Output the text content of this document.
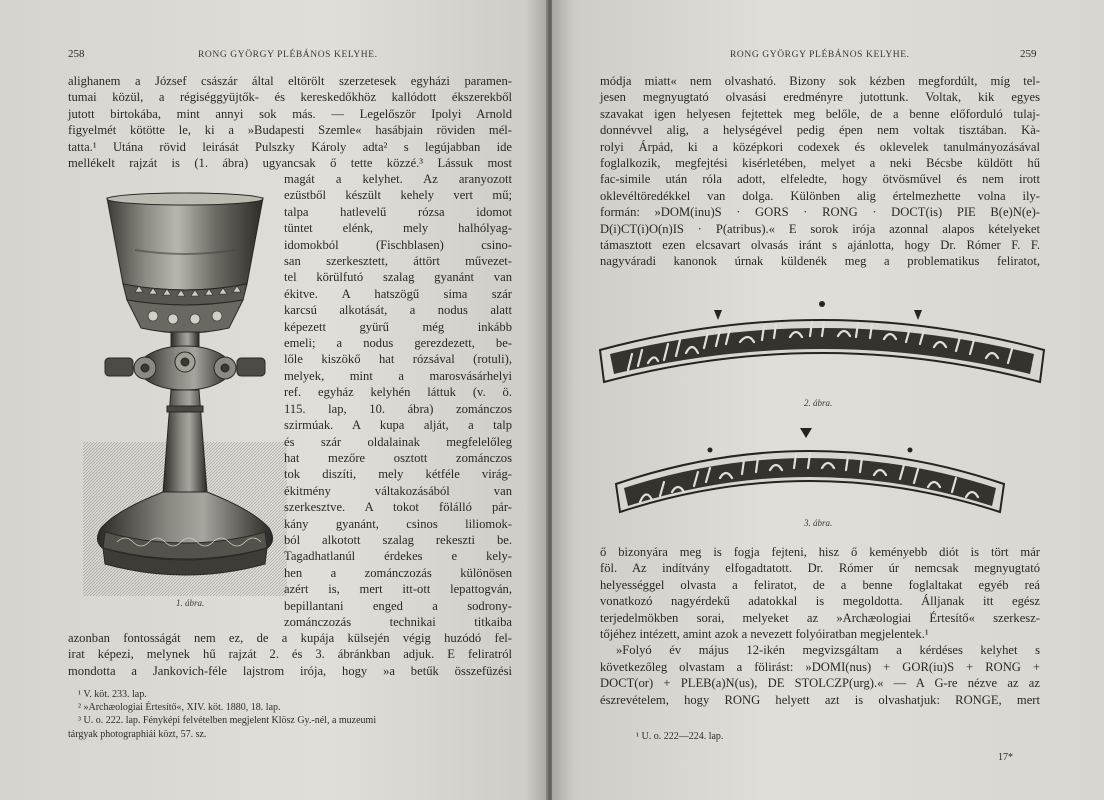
258	RONG GYÖRGY PLÉBÁNOS KELYHE.
alighanem a József császár által eltörölt szerzetesek egyházi paramen-
tumai közül, a régiséggyüjtők- és kereskedőkhöz kallódott ékszerekből
jutott birtokába, mint annyi sok más. — Legelőször Ipolyi Arnold
figyelmét kötötte le, ki a »Budapesti Szemle« hasábjain röviden mél-
tatta.¹ Utána rövid leirását Pulszky Károly adta² s legújabban ide
mellékelt rajzát is (1. ábra) ugyancsak ő tette közzé.³ Lássuk most
1. ábra.
magát a kelyhet. Az aranyozott
ezüstből készült kehely vert mű;
talpa hatlevelű rózsa idomot
tüntet elénk, mely halhólyag-
idomokból (Fischblasen) csino-
san szerkesztett, áttört művezet-
tel körülfutó szalag gyanánt van
ékitve. A hatszögű sima szár
karcsú alkotását, a nodus alatt
képezett gyürű még inkább
emeli; a nodus gerezdezett, be-
lőle kiszökő hat rózsával (rotuli),
melyek, mint a marosvásárhelyi
ref. egyház kelyhén láttuk (v. ö.
115. lap, 10. ábra) zománczos
szirmúak. A kupa alját, a talp
és szár oldalainak megfelelőleg
hat mezőre osztott zománczos
tok diszíti, mely kétféle virág-
ékitmény váltakozásából van
szerkesztve. A tokot fölálló pár-
kány gyanánt, csinos liliomok-
ból alkotott szalag rekeszti be.
Tagadhatlanúl érdekes e kely-
hen a zománczozás különösen
azért is, mert itt-ott lepattogván,
bepillantani enged a sodrony-
zománczozás technikai titkaiba
azonban fontosságát nem ez, de a kupája külsején végig huzódó fel-
irat képezi, melynek hű rajzát 2. és 3. ábránkban adjuk. E feliratról
mondotta a Jankovich-féle lajstrom irója, hogy »a betűk összefüzési
¹ V. köt. 233. lap.
² »Archæologiai Értesítő«, XIV. köt. 1880, 18. lap.
³ U. o. 222. lap. Fényképi felvételben megjelent Klösz Gy.-nél, a muzeumi
tárgyak photographiái közt, 57. sz.
RONG GYÖRGY PLÉBÁNOS KELYHE.	259
módja miatt« nem olvasható. Bizony sok kézben megfordúlt, míg tel-
jesen megnyugtató olvasási eredményre jutottunk. Voltak, kik egyes
szavakat igen helyesen fejtettek meg belőle, de a benne előforduló tulaj-
donnévvel alig, a helységével pedig épen nem voltak tisztában. Kà-
rolyi Árpád, ki a középkori codexek és oklevelek tanulmányozásával
foglalkozik, megfejtési kisérletében, melyet a neki Bécsbe küldött hű
fac-simile után róla adott, elfeledte, hogy ötvösművel és nem irott
oklevéltöredékkel van dolga. Különben alig értelmezhette volna ily-
formán: »DOM(inu)S · GORS · RONG · DOCT(is) PIE B(e)N(e)-
D(i)CT(i)O(n)IS · P(atribus).« E sorok irója azonnal alapos kételyeket
támasztott ezen elcsavart olvasás iránt s ajánlotta, hogy Dr. Rómer F. F.
nagyváradi kanonok úrnak küldenék meg a problematikus feliratot,
2. ábra.
3. ábra.
ő bizonyára meg is fogja fejteni, hisz ő keményebb diót is tört már
föl. Az indítvány elfogadtatott. Dr. Rómer úr nemcsak megnyugtató
helyességgel olvasta a feliratot, de a benne foglaltakat egyéb reá
vonatkozó nagyérdekű adatokkal is megoldotta. Álljanak itt egész
terjedelmökben sorai, melyeket az »Archæologiai Értesítő« szerkesz-
tőjéhez intézett, amint azok a nevezett folyóiratban megjelentek.¹
»Folyó év május 12-ikén megvizsgáltam a kérdéses kelyhet s
következőleg olvastam a fölirást: »DOMI(nus) + GOR(iu)S + RONG +
DOCT(or) + PLEB(a)N(us), DE STOLCZP(urg).« — A G-re nézve az az
észrevételem, hogy RONG helyett azt is olvashatjuk: RONGE, mert
¹ U. o. 222—224. lap.
17*
